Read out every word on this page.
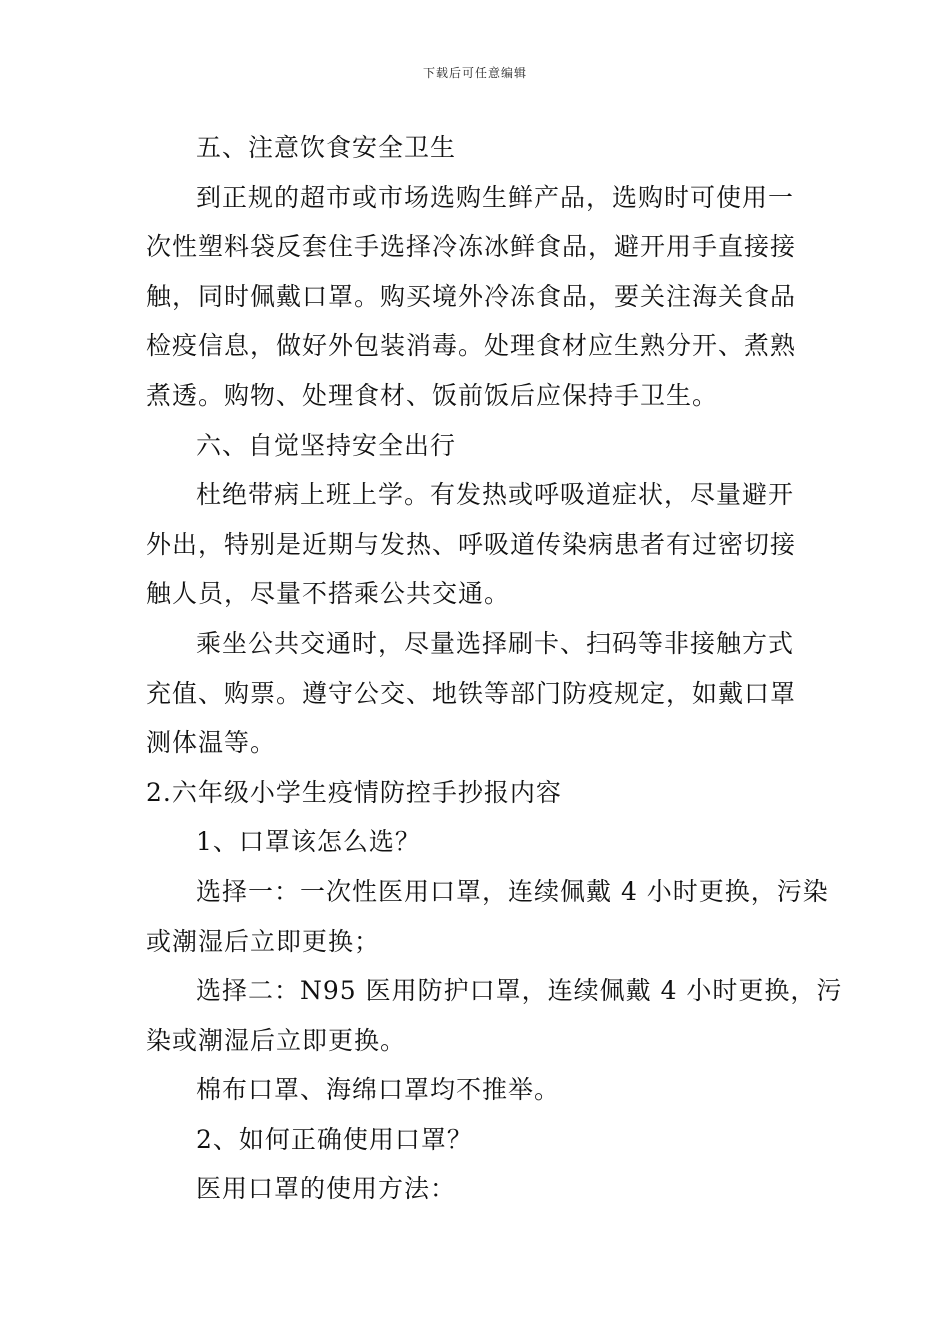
下载后可任意编辑
五、注意饮食安全卫生
到正规的超市或市场选购生鲜产品，选购时可使用一
次性塑料袋反套住手选择冷冻冰鲜食品，避开用手直接接
触，同时佩戴口罩。购买境外冷冻食品，要关注海关食品
检疫信息，做好外包装消毒。处理食材应生熟分开、煮熟
煮透。购物、处理食材、饭前饭后应保持手卫生。
六、自觉坚持安全出行
杜绝带病上班上学。有发热或呼吸道症状，尽量避开
外出，特别是近期与发热、呼吸道传染病患者有过密切接
触人员，尽量不搭乘公共交通。
乘坐公共交通时，尽量选择刷卡、扫码等非接触方式
充值、购票。遵守公交、地铁等部门防疫规定，如戴口罩
测体温等。
2.六年级小学生疫情防控手抄报内容
1、口罩该怎么选？
选择一：一次性医用口罩，连续佩戴 4 小时更换，污染
或潮湿后立即更换；
选择二：N95 医用防护口罩，连续佩戴 4 小时更换，污
染或潮湿后立即更换。
棉布口罩、海绵口罩均不推举。
2、如何正确使用口罩？
医用口罩的使用方法：
